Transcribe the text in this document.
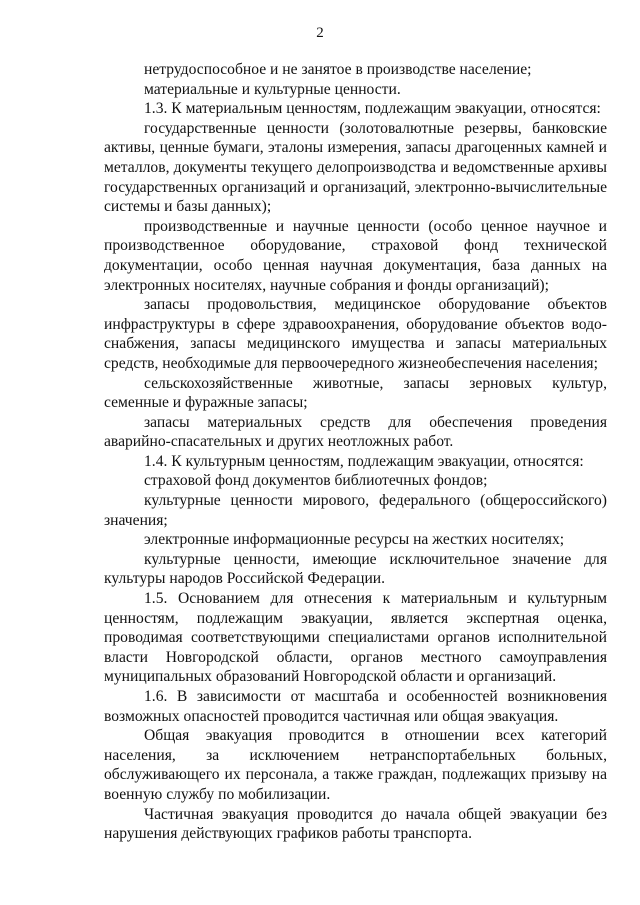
2

нетрудоспособное и не занятое в производстве население;

материальные и культурные ценности.

1.3. К материальным ценностям, подлежащим эвакуации, относятся:

государственные ценности (золотовалютные резервы, банковские активы, ценные бумаги, эталоны измерения, запасы драгоценных камней и металлов, документы текущего делопроизводства и ведомственные архивы государственных организаций и организаций, электронно-вычислительные системы и базы данных);

производственные и научные ценности (особо ценное научное и производственное оборудование, страховой фонд технической документации, особо ценная научная документация, база данных на электронных носителях, научные собрания и фонды организаций);

запасы продовольствия, медицинское оборудование объектов инфраструктуры в сфере здравоохранения, оборудование объектов водо-снабжения, запасы медицинского имущества и запасы материальных средств, необходимые для первоочередного жизнеобеспечения населения;

сельскохозяйственные животные, запасы зерновых культур, семенные и фуражные запасы;

запасы материальных средств для обеспечения проведения аварийно-спасательных и других неотложных работ.

1.4. К культурным ценностям, подлежащим эвакуации, относятся:

страховой фонд документов библиотечных фондов;

культурные ценности мирового, федерального (общероссийского) значения;

электронные информационные ресурсы на жестких носителях;

культурные ценности, имеющие исключительное значение для культуры народов Российской Федерации.

1.5. Основанием для отнесения к материальным и культурным ценностям, подлежащим эвакуации, является экспертная оценка, проводимая соответствующими специалистами органов исполнительной власти Новгородской области, органов местного самоуправления муниципальных образований Новгородской области и организаций.

1.6. В зависимости от масштаба и особенностей возникновения возможных опасностей проводится частичная или общая эвакуация.

Общая эвакуация проводится в отношении всех категорий населения, за исключением нетранспортабельных больных, обслуживающего их персонала, а также граждан, подлежащих призыву на военную службу по мобилизации.

Частичная эвакуация проводится до начала общей эвакуации без нарушения действующих графиков работы транспорта.
